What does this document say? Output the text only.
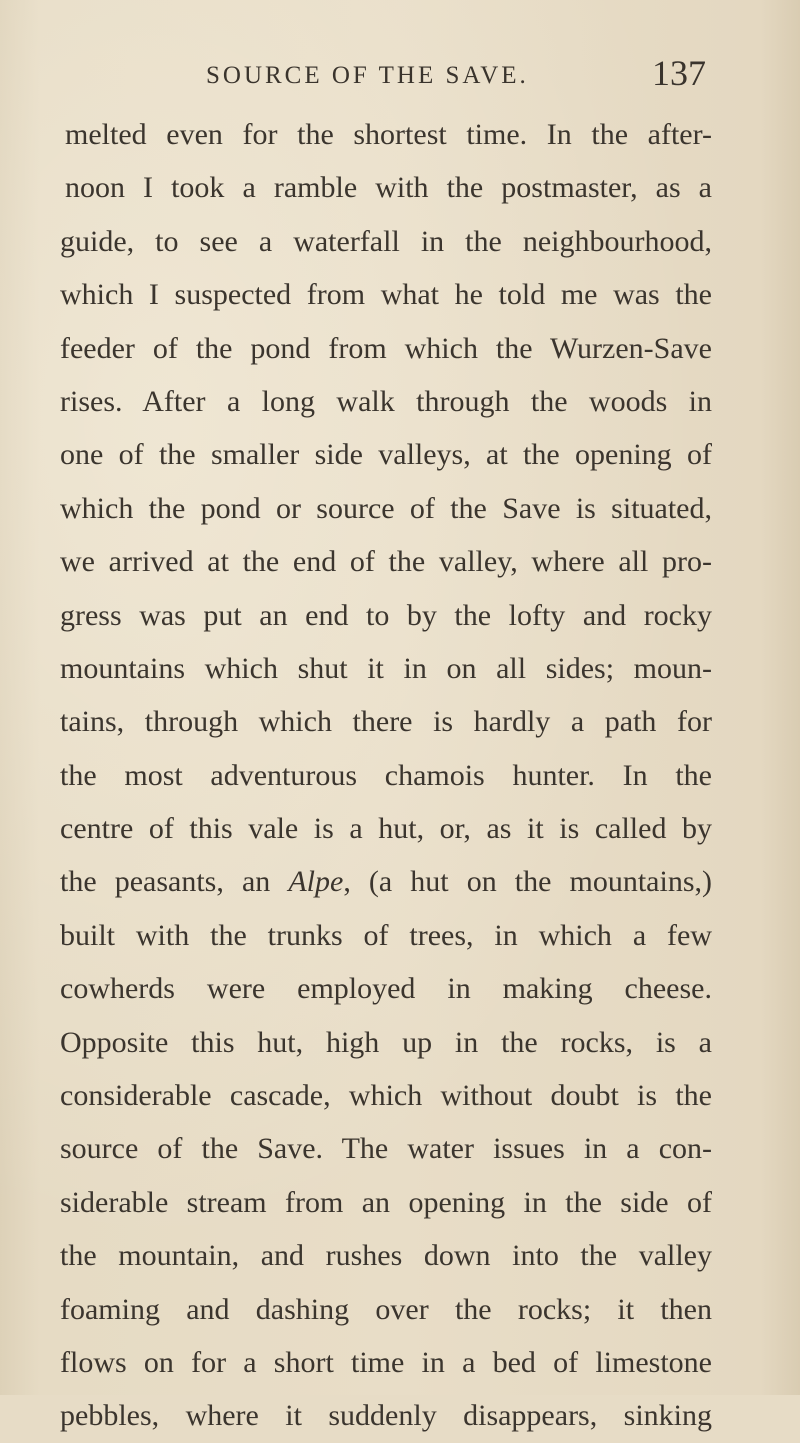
SOURCE OF THE SAVE.	137
melted even for the shortest time. In the after-
noon I took a ramble with the postmaster, as a
guide, to see a waterfall in the neighbourhood,
which I suspected from what he told me was the
feeder of the pond from which the Wurzen-Save
rises. After a long walk through the woods in
one of the smaller side valleys, at the opening of
which the pond or source of the Save is situated,
we arrived at the end of the valley, where all pro-
gress was put an end to by the lofty and rocky
mountains which shut it in on all sides; moun-
tains, through which there is hardly a path for
the most adventurous chamois hunter. In the
centre of this vale is a hut, or, as it is called by
the peasants, an Alpe, (a hut on the mountains,)
built with the trunks of trees, in which a few
cowherds were employed in making cheese.
Opposite this hut, high up in the rocks, is a
considerable cascade, which without doubt is the
source of the Save. The water issues in a con-
siderable stream from an opening in the side of
the mountain, and rushes down into the valley
foaming and dashing over the rocks; it then
flows on for a short time in a bed of limestone
pebbles, where it suddenly disappears, sinking
